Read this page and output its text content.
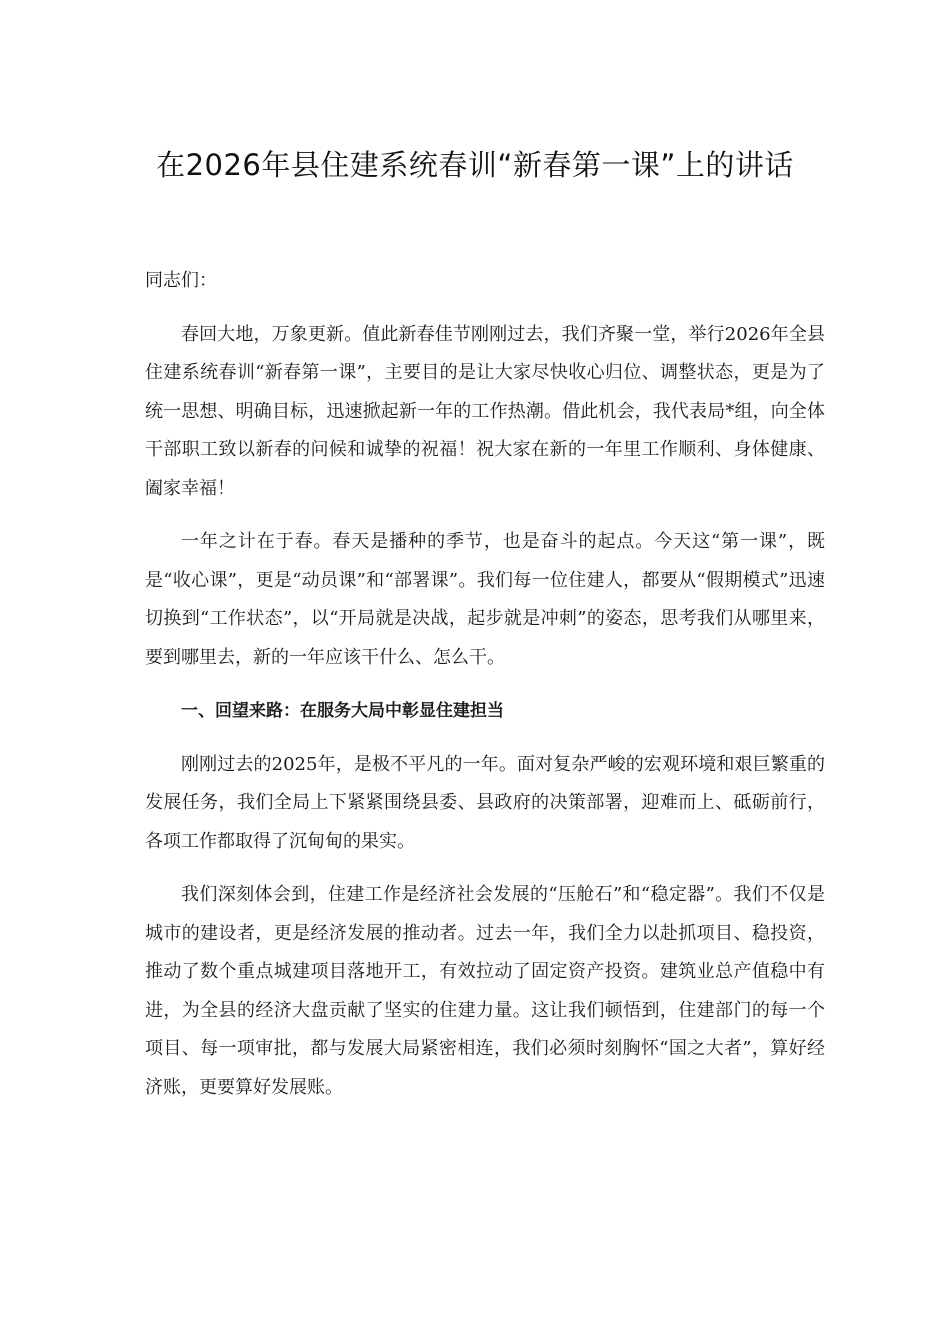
在2026年县住建系统春训“新春第一课”上的讲话

同志们：

春回大地，万象更新。值此新春佳节刚刚过去，我们齐聚一堂，举行2026年全县住建系统春训“新春第一课”，主要目的是让大家尽快收心归位、调整状态，更是为了统一思想、明确目标，迅速掀起新一年的工作热潮。借此机会，我代表局*组，向全体干部职工致以新春的问候和诚挚的祝福！祝大家在新的一年里工作顺利、身体健康、阖家幸福！

一年之计在于春。春天是播种的季节，也是奋斗的起点。今天这“第一课”，既是“收心课”，更是“动员课”和“部署课”。我们每一位住建人，都要从“假期模式”迅速切换到“工作状态”，以“开局就是决战，起步就是冲刺”的姿态，思考我们从哪里来，要到哪里去，新的一年应该干什么、怎么干。

一、回望来路：在服务大局中彰显住建担当

刚刚过去的2025年，是极不平凡的一年。面对复杂严峻的宏观环境和艰巨繁重的发展任务，我们全局上下紧紧围绕县委、县政府的决策部署，迎难而上、砥砺前行，各项工作都取得了沉甸甸的果实。

我们深刻体会到，住建工作是经济社会发展的“压舱石”和“稳定器”。我们不仅是城市的建设者，更是经济发展的推动者。过去一年，我们全力以赴抓项目、稳投资，推动了数个重点城建项目落地开工，有效拉动了固定资产投资。建筑业总产值稳中有进，为全县的经济大盘贡献了坚实的住建力量。这让我们顿悟到，住建部门的每一个项目、每一项审批，都与发展大局紧密相连，我们必须时刻胸怀“国之大者”，算好经济账，更要算好发展账。
